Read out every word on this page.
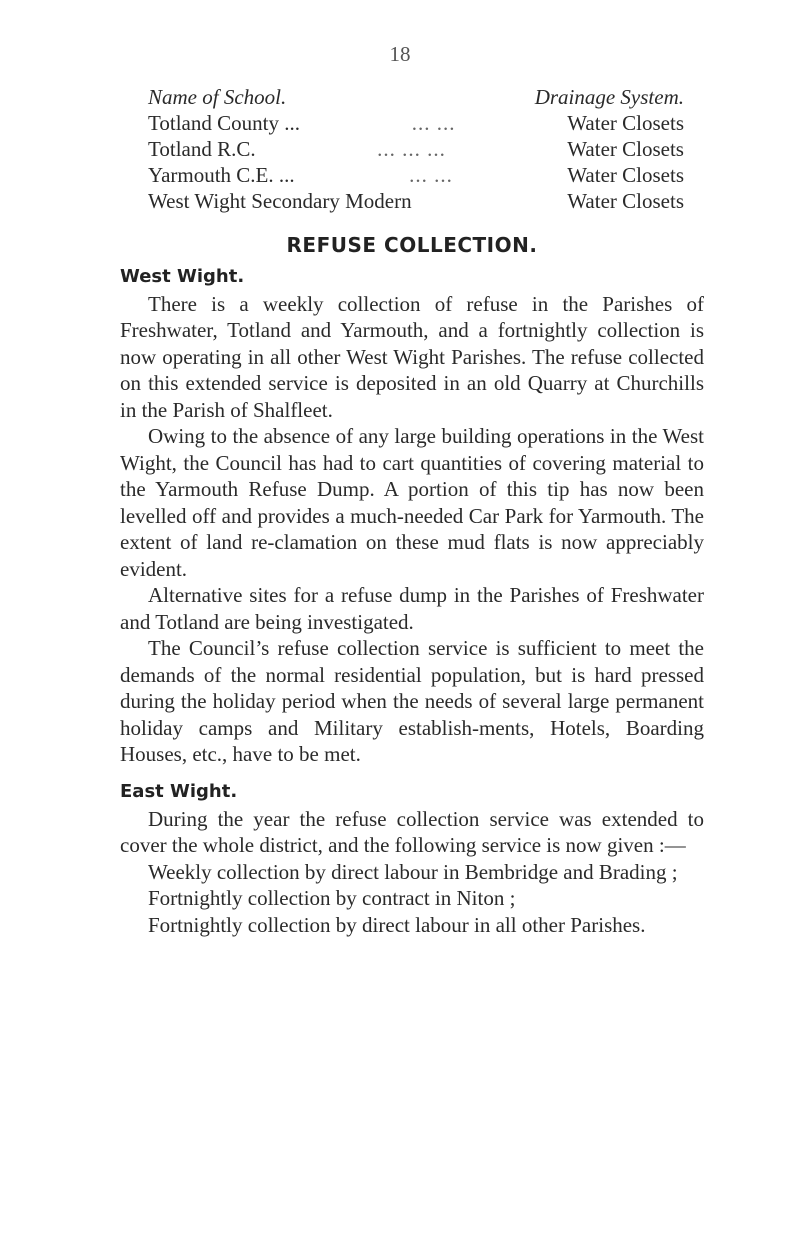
18
Name of School.	Drainage System.
Totland County ...	... ...	Water Closets
Totland R.C.	... ... ...	Water Closets
Yarmouth C.E. ...	... ...	Water Closets
West Wight Secondary Modern	Water Closets
REFUSE COLLECTION.
West Wight.

There is a weekly collection of refuse in the Parishes of Freshwater, Totland and Yarmouth, and a fortnightly collection is now operating in all other West Wight Parishes. The refuse collected on this extended service is deposited in an old Quarry at Churchills in the Parish of Shalfleet.

Owing to the absence of any large building operations in the West Wight, the Council has had to cart quantities of covering material to the Yarmouth Refuse Dump. A portion of this tip has now been levelled off and provides a much-needed Car Park for Yarmouth. The extent of land re-clamation on these mud flats is now appreciably evident.

Alternative sites for a refuse dump in the Parishes of Freshwater and Totland are being investigated.

The Council’s refuse collection service is sufficient to meet the demands of the normal residential population, but is hard pressed during the holiday period when the needs of several large permanent holiday camps and Military establish-ments, Hotels, Boarding Houses, etc., have to be met.

East Wight.

During the year the refuse collection service was extended to cover the whole district, and the following service is now given :—

Weekly collection by direct labour in Bembridge and Brading ;
Fortnightly collection by contract in Niton ;
Fortnightly collection by direct labour in all other Parishes.
